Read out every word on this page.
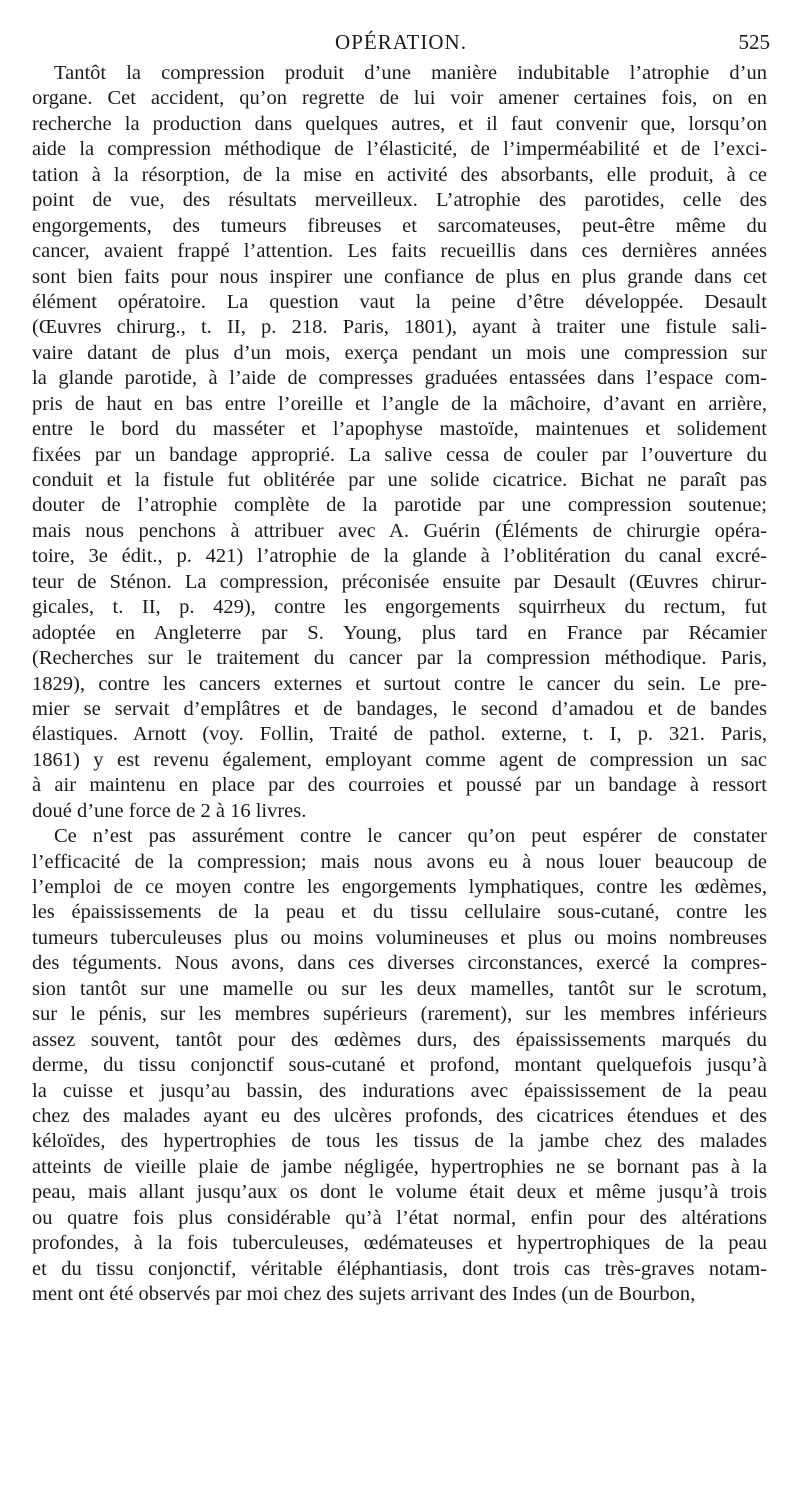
OPÉRATION.	525
Tantôt la compression produit d’une manière indubitable l’atrophie d’un
organe. Cet accident, qu’on regrette de lui voir amener certaines fois, on en
recherche la production dans quelques autres, et il faut convenir que, lorsqu’on
aide la compression méthodique de l’élasticité, de l’imperméabilité et de l’exci-
tation à la résorption, de la mise en activité des absorbants, elle produit, à ce
point de vue, des résultats merveilleux. L’atrophie des parotides, celle des
engorgements, des tumeurs fibreuses et sarcomateuses, peut-être même du
cancer, avaient frappé l’attention. Les faits recueillis dans ces dernières années
sont bien faits pour nous inspirer une confiance de plus en plus grande dans cet
élément opératoire. La question vaut la peine d’être développée. Desault
(Œuvres chirurg., t. II, p. 218. Paris, 1801), ayant à traiter une fistule sali-
vaire datant de plus d’un mois, exerça pendant un mois une compression sur
la glande parotide, à l’aide de compresses graduées entassées dans l’espace com-
pris de haut en bas entre l’oreille et l’angle de la mâchoire, d’avant en arrière,
entre le bord du masséter et l’apophyse mastoïde, maintenues et solidement
fixées par un bandage approprié. La salive cessa de couler par l’ouverture du
conduit et la fistule fut oblitérée par une solide cicatrice. Bichat ne paraît pas
douter de l’atrophie complète de la parotide par une compression soutenue;
mais nous penchons à attribuer avec A. Guérin (Éléments de chirurgie opéra-
toire, 3e édit., p. 421) l’atrophie de la glande à l’oblitération du canal excré-
teur de Sténon. La compression, préconisée ensuite par Desault (Œuvres chirur-
gicales, t. II, p. 429), contre les engorgements squirrheux du rectum, fut
adoptée en Angleterre par S. Young, plus tard en France par Récamier
(Recherches sur le traitement du cancer par la compression méthodique. Paris,
1829), contre les cancers externes et surtout contre le cancer du sein. Le pre-
mier se servait d’emplâtres et de bandages, le second d’amadou et de bandes
élastiques. Arnott (voy. Follin, Traité de pathol. externe, t. I, p. 321. Paris,
1861) y est revenu également, employant comme agent de compression un sac
à air maintenu en place par des courroies et poussé par un bandage à ressort
doué d’une force de 2 à 16 livres.
Ce n’est pas assurément contre le cancer qu’on peut espérer de constater
l’efficacité de la compression; mais nous avons eu à nous louer beaucoup de
l’emploi de ce moyen contre les engorgements lymphatiques, contre les œdèmes,
les épaississements de la peau et du tissu cellulaire sous-cutané, contre les
tumeurs tuberculeuses plus ou moins volumineuses et plus ou moins nombreuses
des téguments. Nous avons, dans ces diverses circonstances, exercé la compres-
sion tantôt sur une mamelle ou sur les deux mamelles, tantôt sur le scrotum,
sur le pénis, sur les membres supérieurs (rarement), sur les membres inférieurs
assez souvent, tantôt pour des œdèmes durs, des épaississements marqués du
derme, du tissu conjonctif sous-cutané et profond, montant quelquefois jusqu’à
la cuisse et jusqu’au bassin, des indurations avec épaississement de la peau
chez des malades ayant eu des ulcères profonds, des cicatrices étendues et des
kéloïdes, des hypertrophies de tous les tissus de la jambe chez des malades
atteints de vieille plaie de jambe négligée, hypertrophies ne se bornant pas à la
peau, mais allant jusqu’aux os dont le volume était deux et même jusqu’à trois
ou quatre fois plus considérable qu’à l’état normal, enfin pour des altérations
profondes, à la fois tuberculeuses, œdémateuses et hypertrophiques de la peau
et du tissu conjonctif, véritable éléphantiasis, dont trois cas très-graves notam-
ment ont été observés par moi chez des sujets arrivant des Indes (un de Bourbon,
